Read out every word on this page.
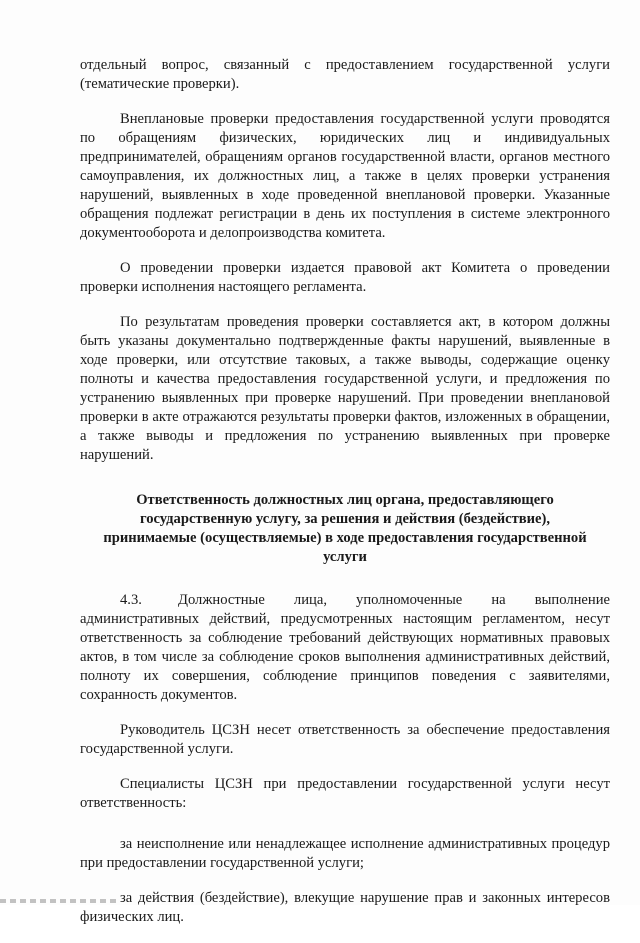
отдельный вопрос, связанный с предоставлением государственной услуги (тематические проверки).

Внеплановые проверки предоставления государственной услуги проводятся по обращениям физических, юридических лиц и индивидуальных предпринимателей, обращениям органов государственной власти, органов местного самоуправления, их должностных лиц, а также в целях проверки устранения нарушений, выявленных в ходе проведенной внеплановой проверки. Указанные обращения подлежат регистрации в день их поступления в системе электронного документооборота и делопроизводства комитета.

О проведении проверки издается правовой акт Комитета о проведении проверки исполнения настоящего регламента.

По результатам проведения проверки составляется акт, в котором должны быть указаны документально подтвержденные факты нарушений, выявленные в ходе проверки, или отсутствие таковых, а также выводы, содержащие оценку полноты и качества предоставления государственной услуги, и предложения по устранению выявленных при проверке нарушений. При проведении внеплановой проверки в акте отражаются результаты проверки фактов, изложенных в обращении, а также выводы и предложения по устранению выявленных при проверке нарушений.

Ответственность должностных лиц органа, предоставляющего государственную услугу, за решения и действия (бездействие), принимаемые (осуществляемые) в ходе предоставления государственной услуги

4.3. Должностные лица, уполномоченные на выполнение административных действий, предусмотренных настоящим регламентом, несут ответственность за соблюдение требований действующих нормативных правовых актов, в том числе за соблюдение сроков выполнения административных действий, полноту их совершения, соблюдение принципов поведения с заявителями, сохранность документов.

Руководитель ЦСЗН несет ответственность за обеспечение предоставления государственной услуги.

Специалисты ЦСЗН при предоставлении государственной услуги несут ответственность:

за неисполнение или ненадлежащее исполнение административных процедур при предоставлении государственной услуги;

за действия (бездействие), влекущие нарушение прав и законных интересов физических лиц.
